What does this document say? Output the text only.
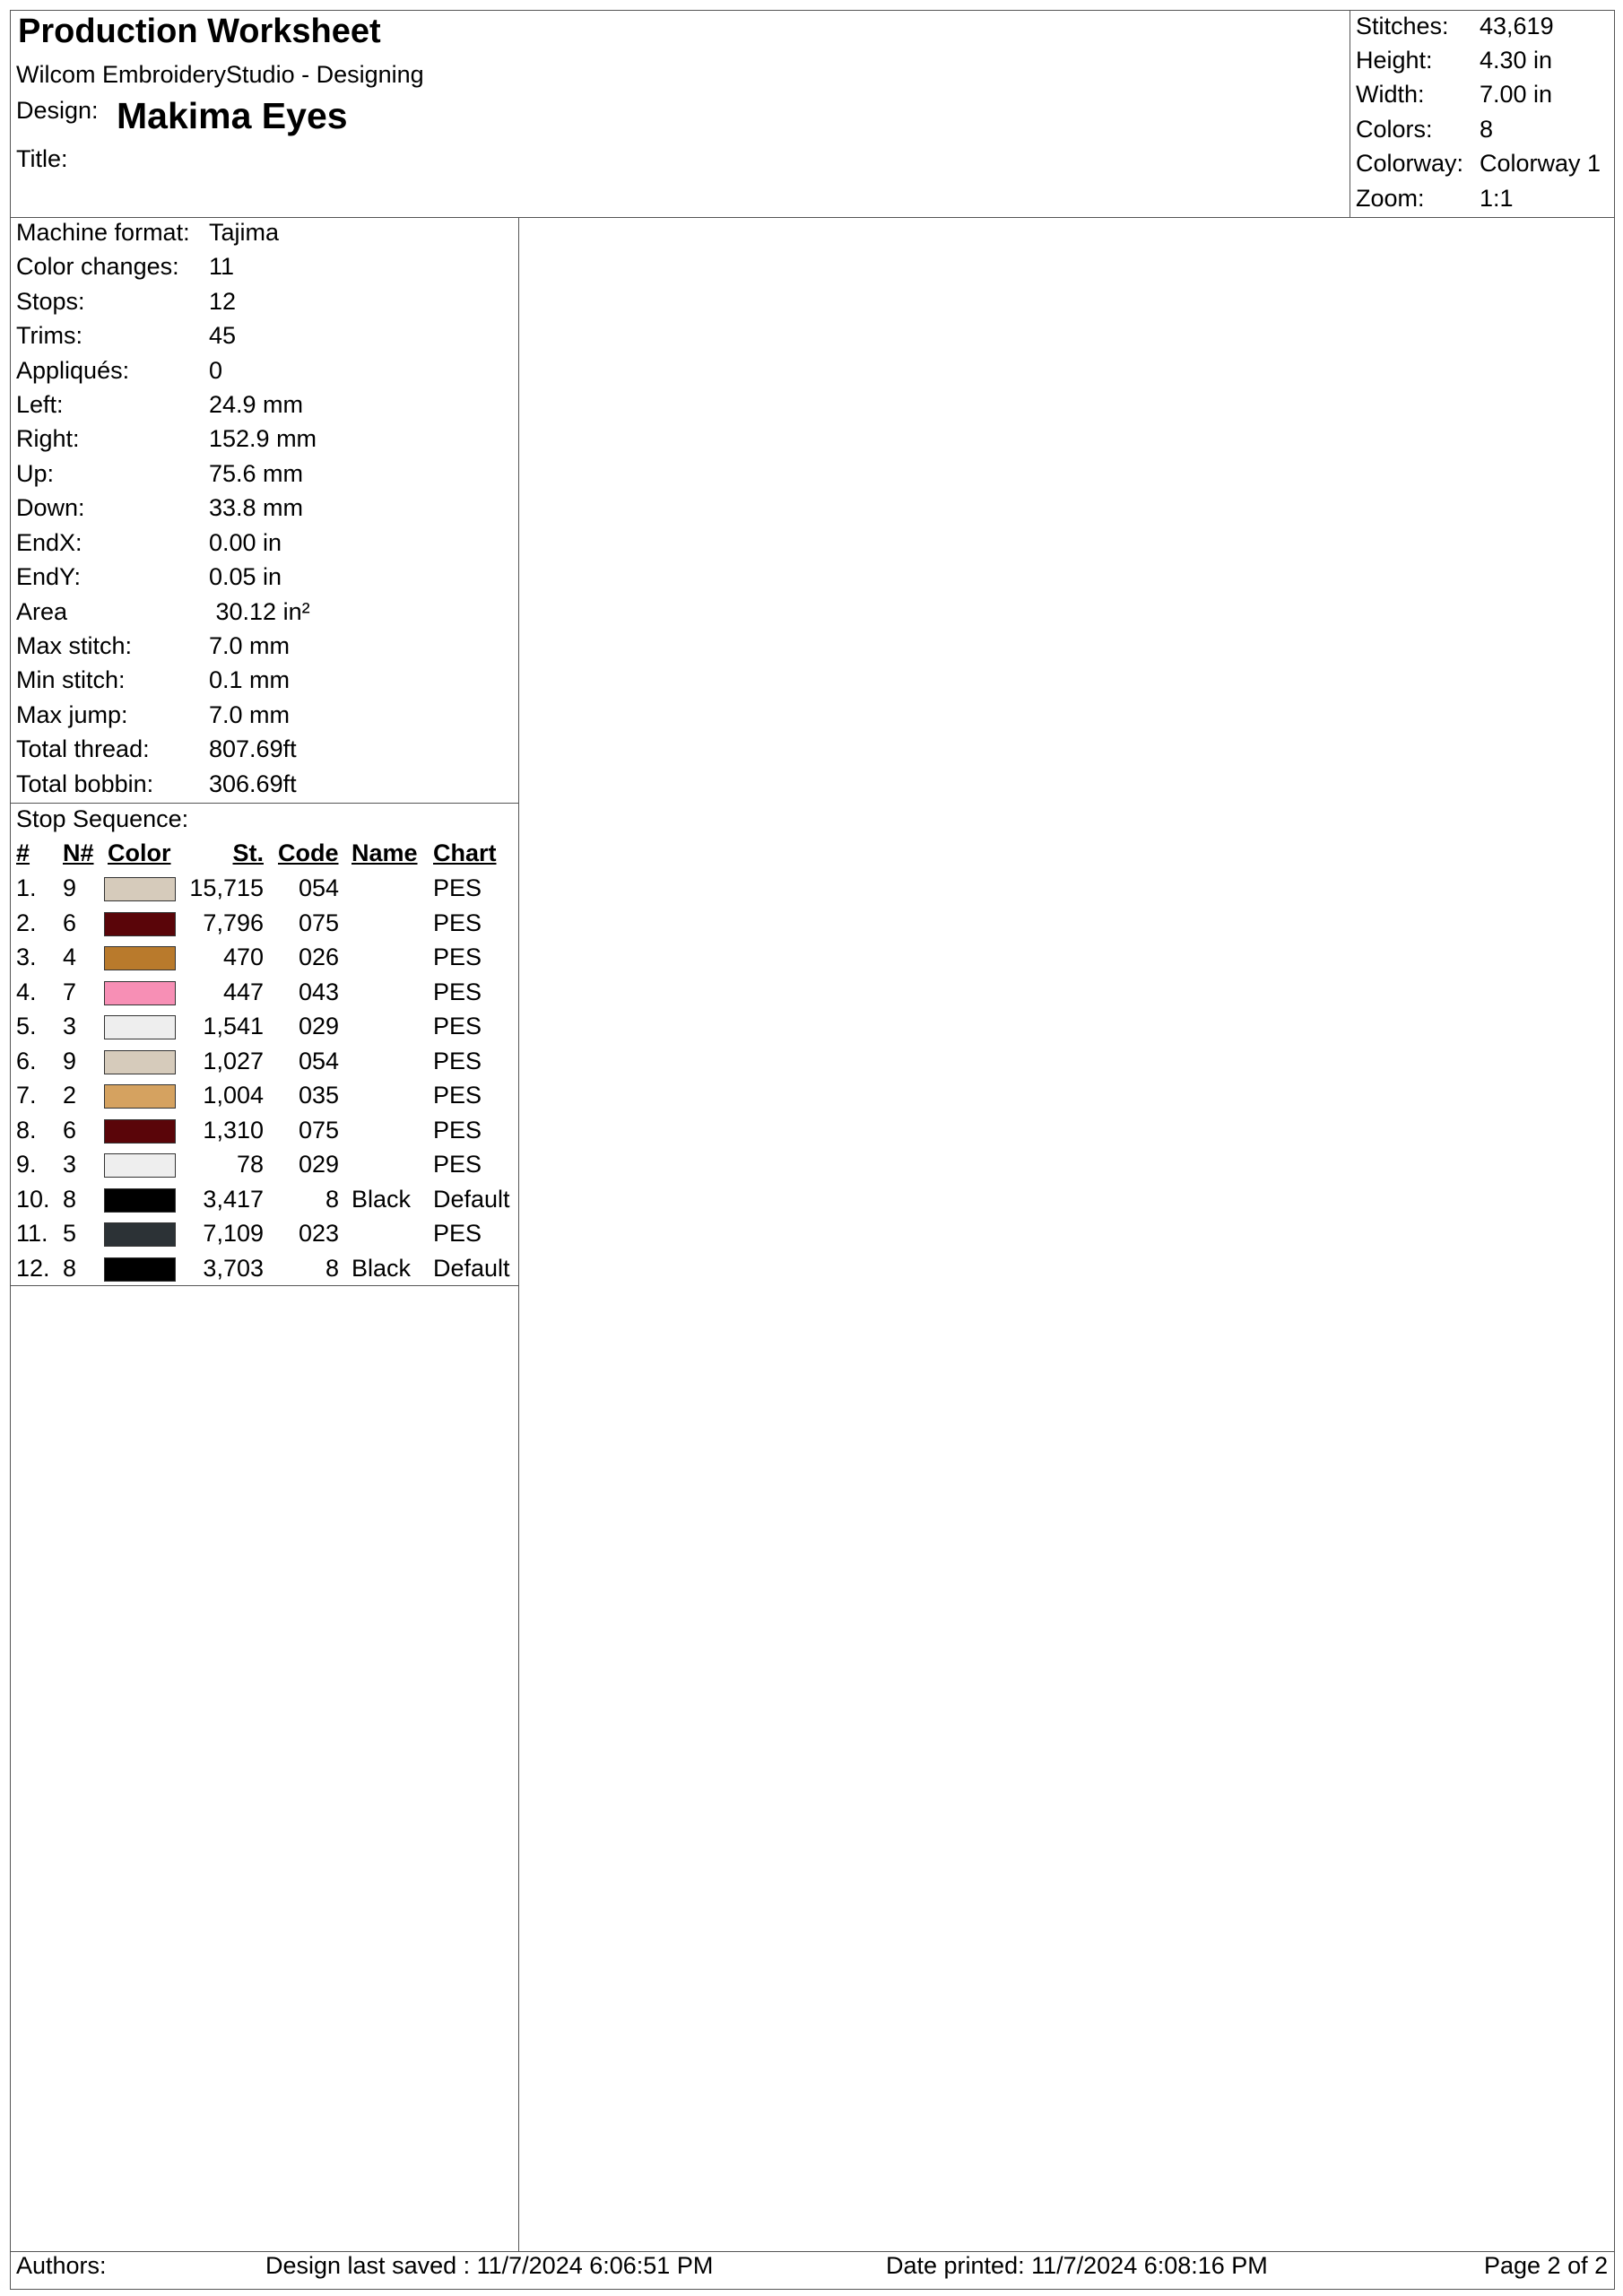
Production Worksheet
Wilcom EmbroideryStudio - Designing
Design: Makima Eyes
Title:
Stitches: 43,619
Height: 4.30 in
Width: 7.00 in
Colors: 8
Colorway: Colorway 1
Zoom: 1:1
Machine format: Tajima
Color changes: 11
Stops:	12
Trims:	45
Appliqués:	0
Left:	24.9 mm
Right:	152.9 mm
Up:	75.6 mm
Down:	33.8 mm
EndX:	0.00 in
EndY:	0.05 in
Area	30.12 in²
Max stitch:	7.0 mm
Min stitch:	0.1 mm
Max jump:	7.0 mm
Total thread: 807.69ft
Total bobbin: 306.69ft
Stop Sequence:
# N# Color	St. Code Name Chart
1. 9	15,715	054	PES
2. 6	7,796	075	PES
3. 4	470	026	PES
4. 7	447	043	PES
5. 3	1,541	029	PES
6. 9	1,027	054	PES
7. 2	1,004	035	PES
8. 6	1,310	075	PES
9. 3	78	029	PES
10. 8	3,417	8 Black Default
11. 5	7,109	023	PES
12. 8	3,703	8 Black Default
Authors:	Design last saved : 11/7/2024 6:06:51 PM	Date printed: 11/7/2024 6:08:16 PM	Page 2 of 2
